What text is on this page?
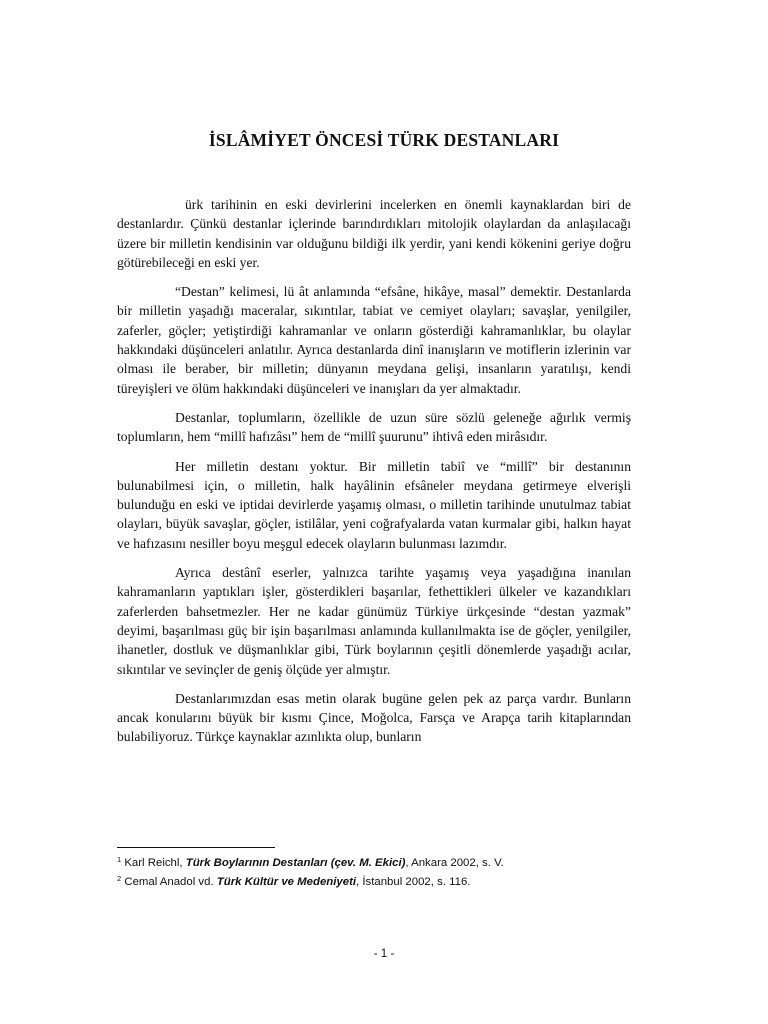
İSLÂMİYET ÖNCESİ TÜRK DESTANLARI

ürk tarihinin en eski devirlerini incelerken en önemli kaynaklardan biri de destanlardır. Çünkü destanlar içlerinde barındırdıkları mitolojik olaylardan da anlaşılacağı üzere bir milletin kendisinin var olduğunu bildiği ilk yerdir, yani kendi kökenini geriye doğru götürebileceği en eski yer.

“Destan” kelimesi, lü ât anlamında “efsâne, hikâye, masal” demektir. Destanlarda bir milletin yaşadığı maceralar, sıkıntılar, tabiat ve cemiyet olayları; savaşlar, yenilgiler, zaferler, göçler; yetiştirdiği kahramanlar ve onların gösterdiği kahramanlıklar, bu olaylar hakkındaki düşünceleri anlatılır. Ayrıca destanlarda dinî inanışların ve motiflerin izlerinin var olması ile beraber, bir milletin; dünyanın meydana gelişi, insanların yaratılışı, kendi türeyişleri ve ölüm hakkındaki düşünceleri ve inanışları da yer almaktadır.

Destanlar, toplumların, özellikle de uzun süre sözlü geleneğe ağırlık vermiş toplumların, hem “millî hafızâsı” hem de “millî şuurunu” ihtivâ eden mirâsıdır.

Her milletin destanı yoktur. Bir milletin tabiî ve “millî” bir destanının bulunabilmesi için, o milletin, halk hayâlinin efsâneler meydana getirmeye elverişli bulunduğu en eski ve iptidai devirlerde yaşamış olması, o milletin tarihinde unutulmaz tabiat olayları, büyük savaşlar, göçler, istilâlar, yeni coğrafyalarda vatan kurmalar gibi, halkın hayat ve hafızasını nesiller boyu meşgul edecek olayların bulunması lazımdır.

Ayrıca destânî eserler, yalnızca tarihte yaşamış veya yaşadığına inanılan kahramanların yaptıkları işler, gösterdikleri başarılar, fethettikleri ülkeler ve kazandıkları zaferlerden bahsetmezler. Her ne kadar günümüz Türkiye ürkçesinde “destan yazmak” deyimi, başarılması güç bir işin başarılması anlamında kullanılmakta ise de göçler, yenilgiler, ihanetler, dostluk ve düşmanlıklar gibi, Türk boylarının çeşitli dönemlerde yaşadığı acılar, sıkıntılar ve sevinçler de geniş ölçüde yer almıştır.

Destanlarımızdan esas metin olarak bugüne gelen pek az parça vardır. Bunların ancak konularını büyük bir kısmı Çince, Moğolca, Farsça ve Arapça tarih kitaplarından bulabiliyoruz. Türkçe kaynaklar azınlıkta olup, bunların

$^1$ Karl Reichl, Türk Boylarının Destanları (çev. M. Ekici), Ankara 2002, s. V.

$^2$ Cemal Anadol vd. Türk Kültür ve Medeniyeti, İstanbul 2002, s. 116.

- 1 -
